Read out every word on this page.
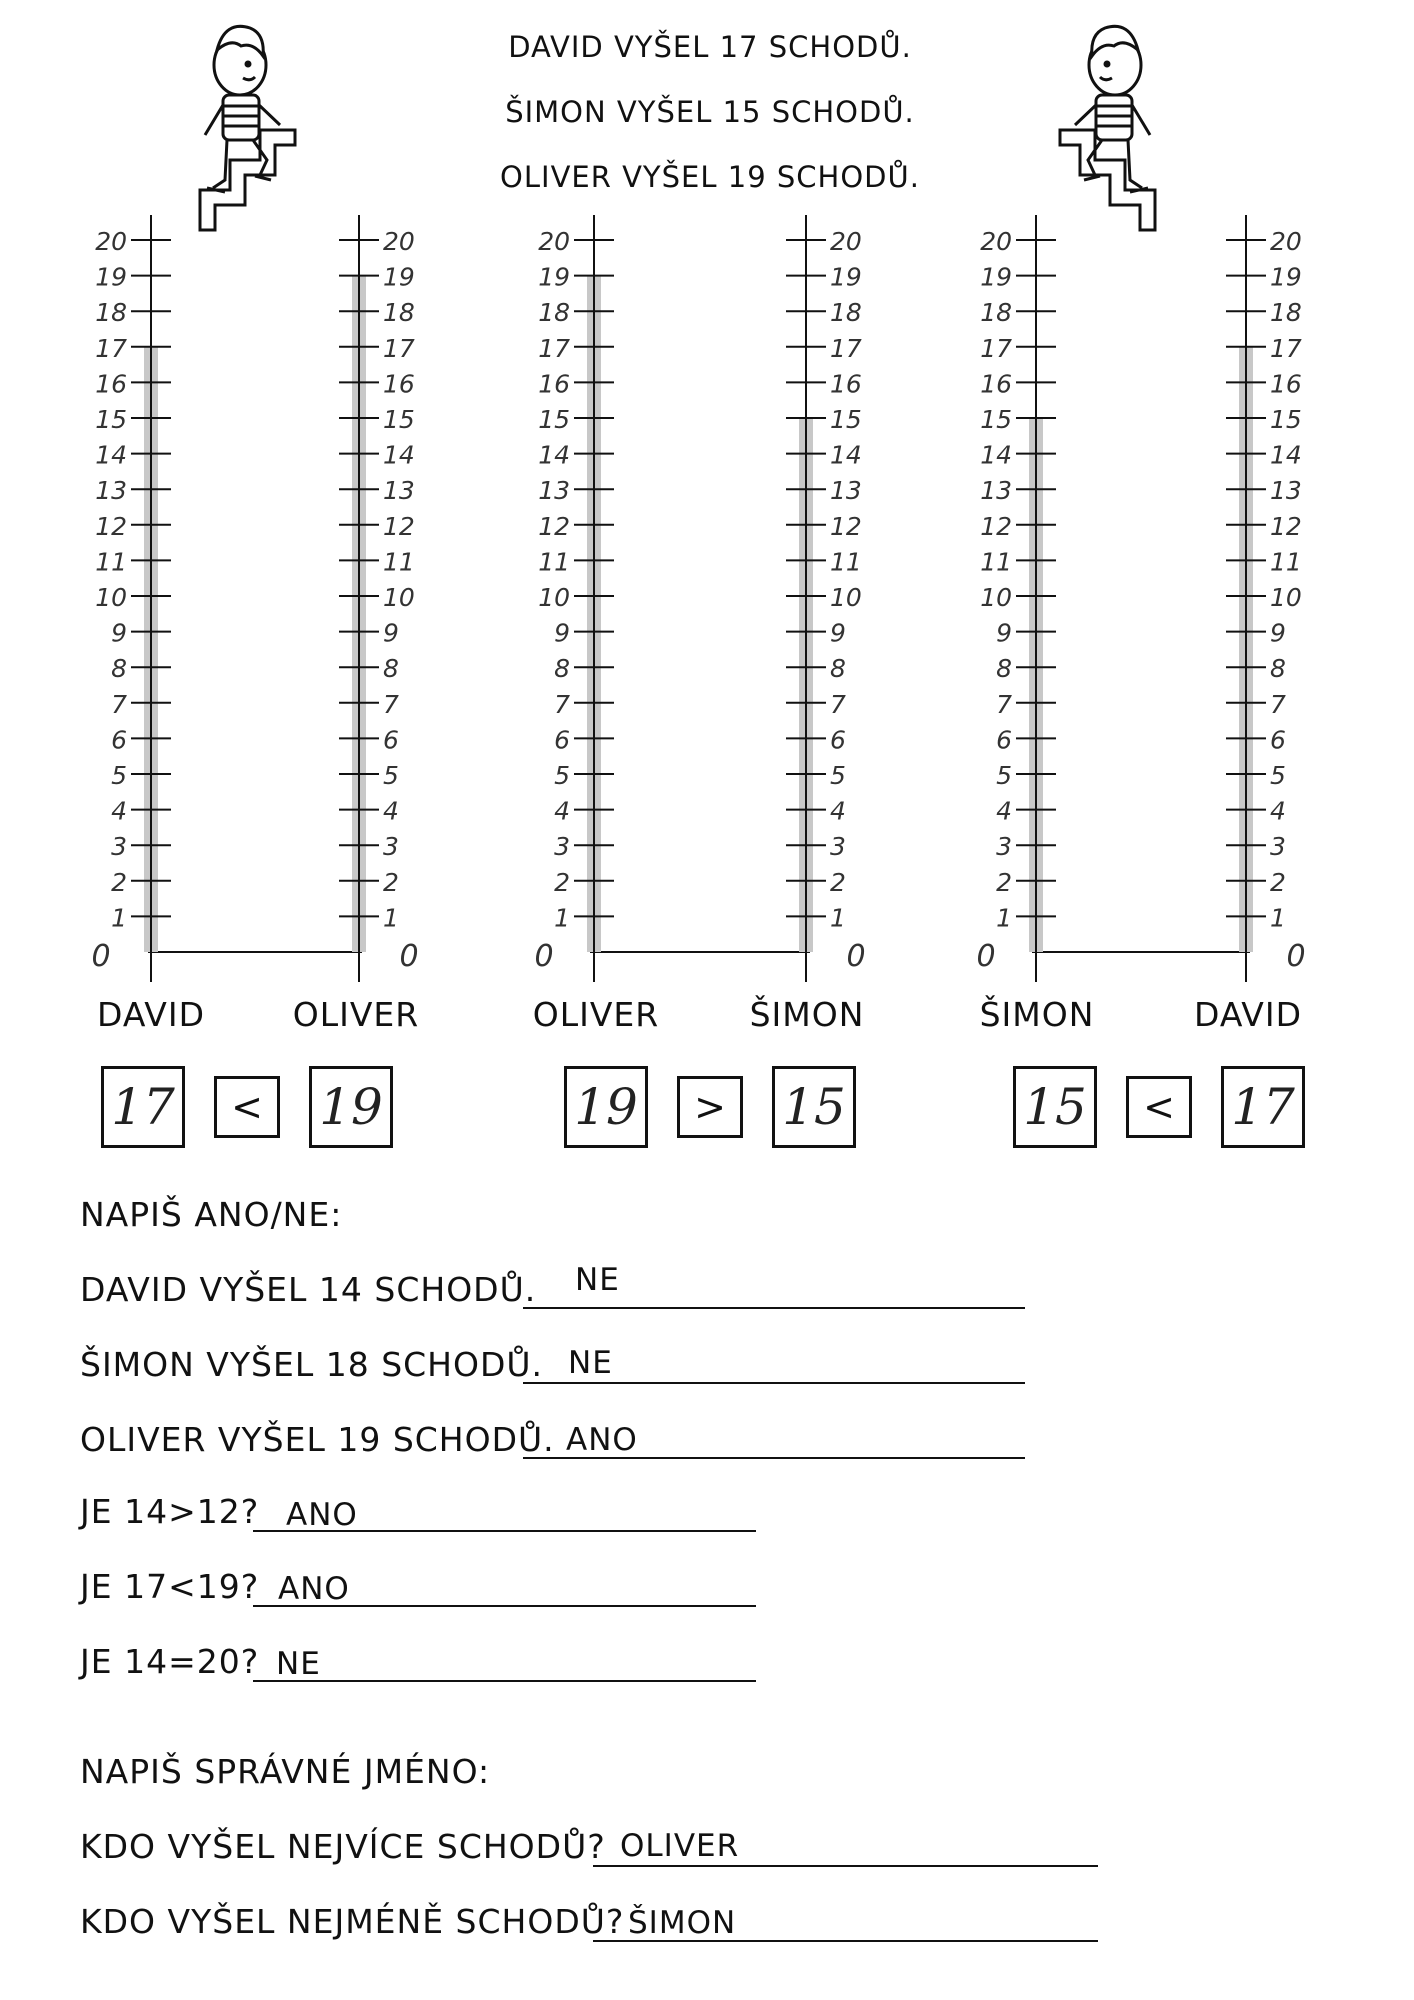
DAVID VYŠEL 17 SCHODŮ.
ŠIMON VYŠEL 15 SCHODŮ.
OLIVER VYŠEL 19 SCHODŮ.
1
2
3
4
5
6
7
8
9
10
11
12
13
14
15
16
17
18
19
20
0
1
2
3
4
5
6
7
8
9
10
11
12
13
14
15
16
17
18
19
20
0
1
2
3
4
5
6
7
8
9
10
11
12
13
14
15
16
17
18
19
20
0
1
2
3
4
5
6
7
8
9
10
11
12
13
14
15
16
17
18
19
20
0
1
2
3
4
5
6
7
8
9
10
11
12
13
14
15
16
17
18
19
20
0
1
2
3
4
5
6
7
8
9
10
11
12
13
14
15
16
17
18
19
20
0
DAVID	OLIVER	OLIVER	ŠIMON	ŠIMON	DAVID
17	<	19	19	>	15	15	<	17
NAPIŠ ANO/NE:
DAVID VYŠEL 14 SCHODŮ. NE
ŠIMON VYŠEL 18 SCHODŮ. NE
OLIVER VYŠEL 19 SCHODŮ. ANO
JE 14>12? ANO
JE 17<19? ANO
JE 14=20? NE
NAPIŠ SPRÁVNÉ JMÉNO:
KDO VYŠEL NEJVÍCE SCHODŮ? OLIVER
KDO VYŠEL NEJMÉNĚ SCHODŮ? ŠIMON
